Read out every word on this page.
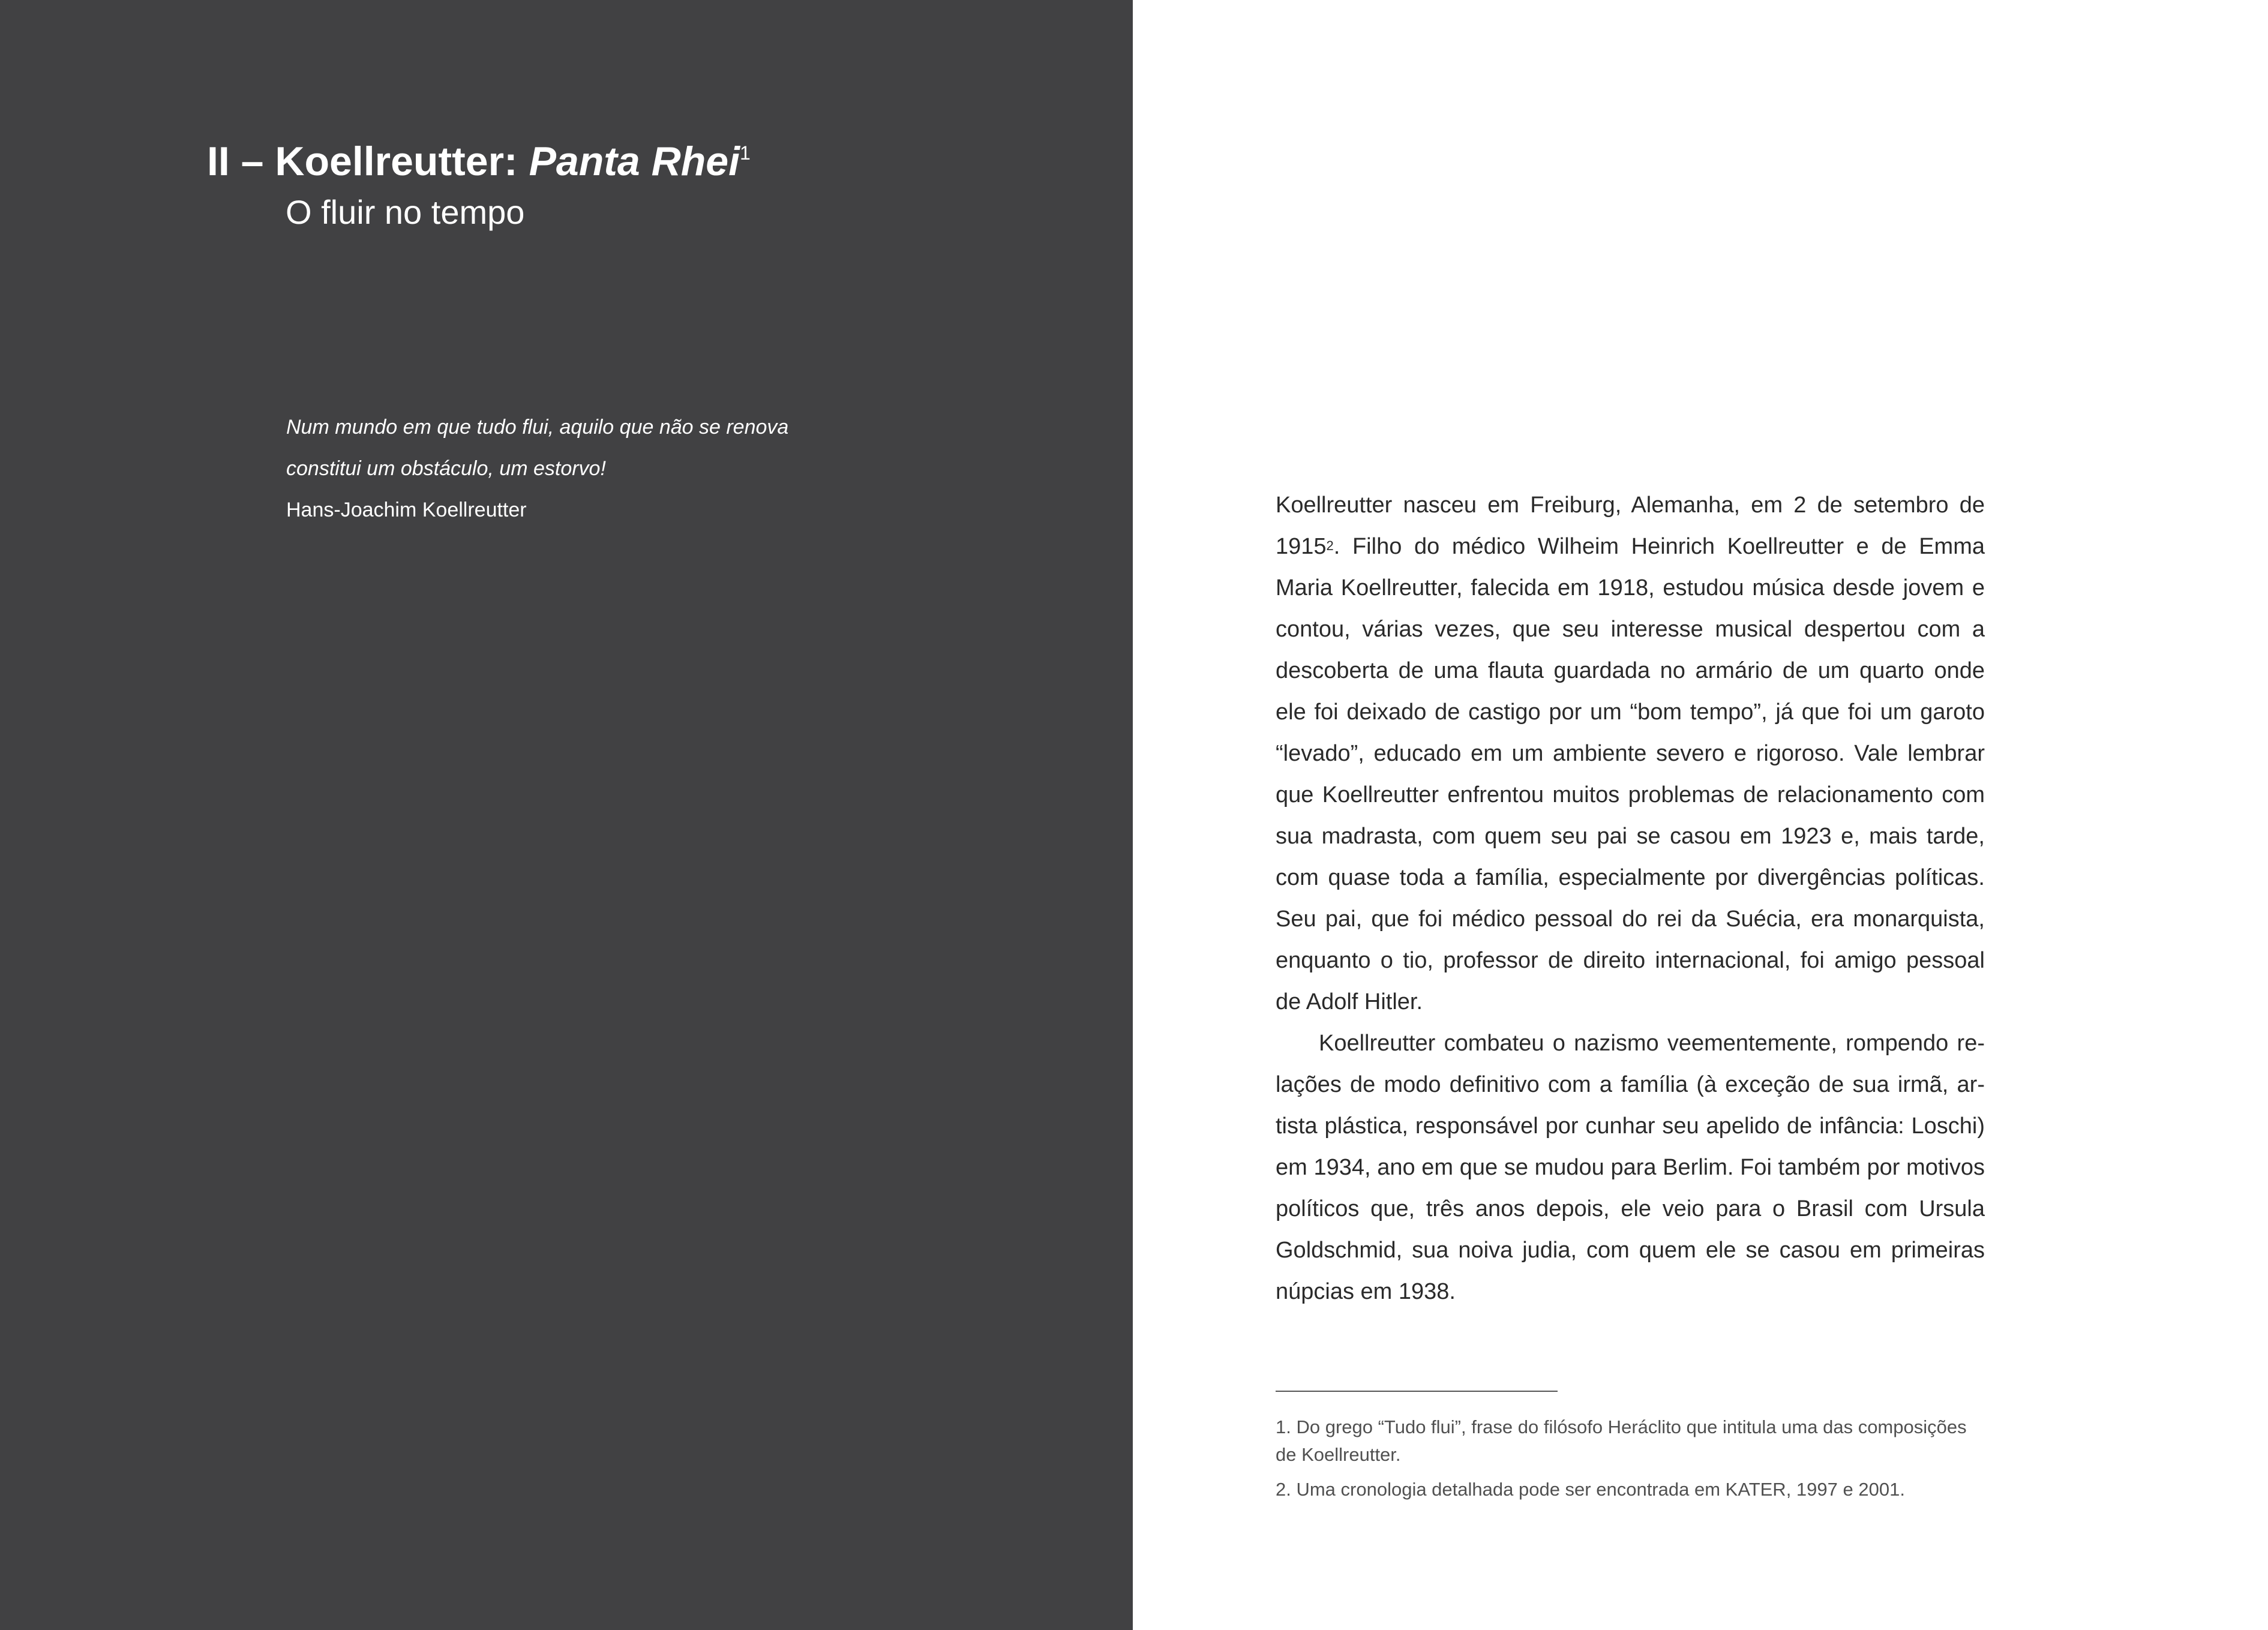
II – Koellreutter: Panta Rhei$^1$
O fluir no tempo
Num mundo em que tudo flui, aquilo que não se renova
constitui um obstáculo, um estorvo!
Hans-Joachim Koellreutter	Koellreutter nasceu em Freiburg, Alemanha, em 2 de setembro de 1915$^2$. Filho do médico Wilheim Heinrich Koellreutter e de Emma Maria Koellreutter, falecida em 1918, estudou música desde jovem e contou, várias vezes, que seu interesse musical despertou com a descoberta de uma flauta guardada no armário de um quarto onde ele foi deixado de castigo por um “bom tempo”, já que foi um garoto “levado”, educado em um ambiente severo e rigoroso. Vale lembrar que Koellreutter enfrentou muitos problemas de relacionamento com sua madrasta, com quem seu pai se casou em 1923 e, mais tarde, com quase toda a família, especialmente por divergências políticas. Seu pai, que foi médico pessoal do rei da Suécia, era monarquista, enquanto o tio, professor de direito internacional, foi amigo pessoal de Adolf Hitler.

Koellreutter combateu o nazismo veementemente, rompendo relações de modo definitivo com a família (à exceção de sua irmã, artista plástica, responsável por cunhar seu apelido de infância: Loschi) em 1934, ano em que se mudou para Berlim. Foi também por motivos políticos que, três anos depois, ele veio para o Brasil com Ursula Goldschmid, sua noiva judia, com quem ele se casou em primeiras núpcias em 1938.

1. Do grego “Tudo flui”, frase do filósofo Heráclito que intitula uma das composições de Koellreutter.

2. Uma cronologia detalhada pode ser encontrada em KATER, 1997 e 2001.
